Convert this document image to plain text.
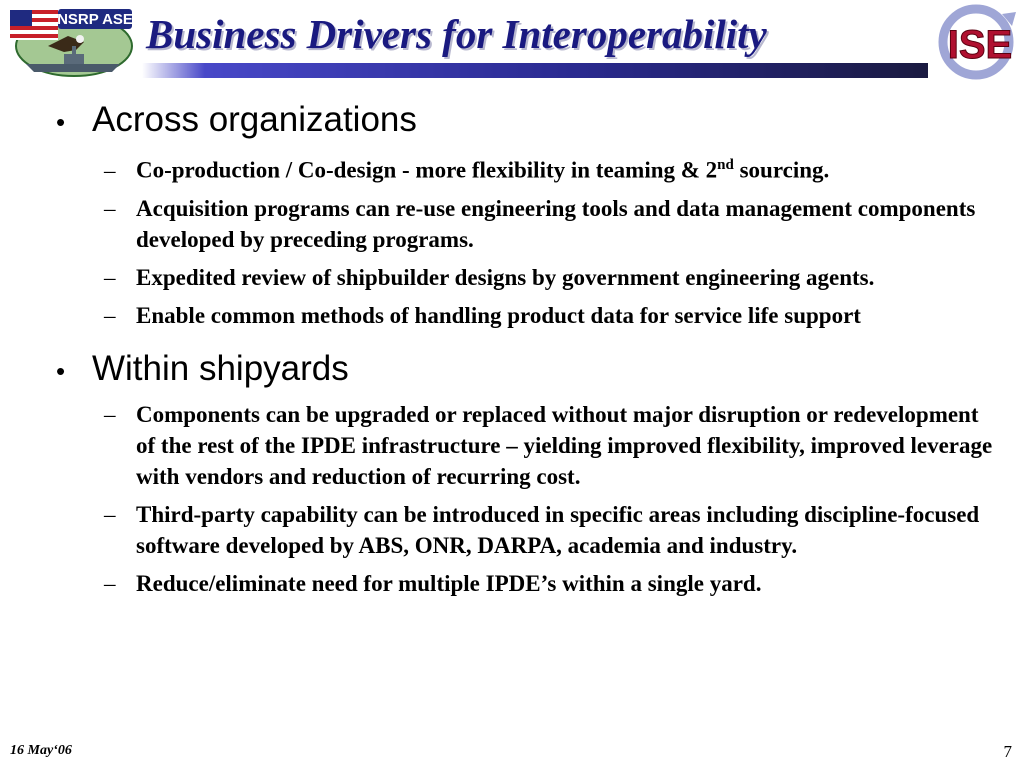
NSRP ASE Business Drivers for Interoperability	ISE
• Across organizations
– Co-production / Co-design - more flexibility in teaming & 2nd sourcing.
– Acquisition programs can re-use engineering tools and data management components developed by preceding programs.
– Expedited review of shipbuilder designs by government engineering agents.
– Enable common methods of handling product data for service life support
• Within shipyards
– Components can be upgraded or replaced without major disruption or redevelopment of the rest of the IPDE infrastructure – yielding improved flexibility, improved leverage with vendors and reduction of recurring cost.
– Third-party capability can be introduced in specific areas including discipline-focused software developed by ABS, ONR, DARPA, academia and industry.
– Reduce/eliminate need for multiple IPDE’s within a single yard.
16 May‘06	7
